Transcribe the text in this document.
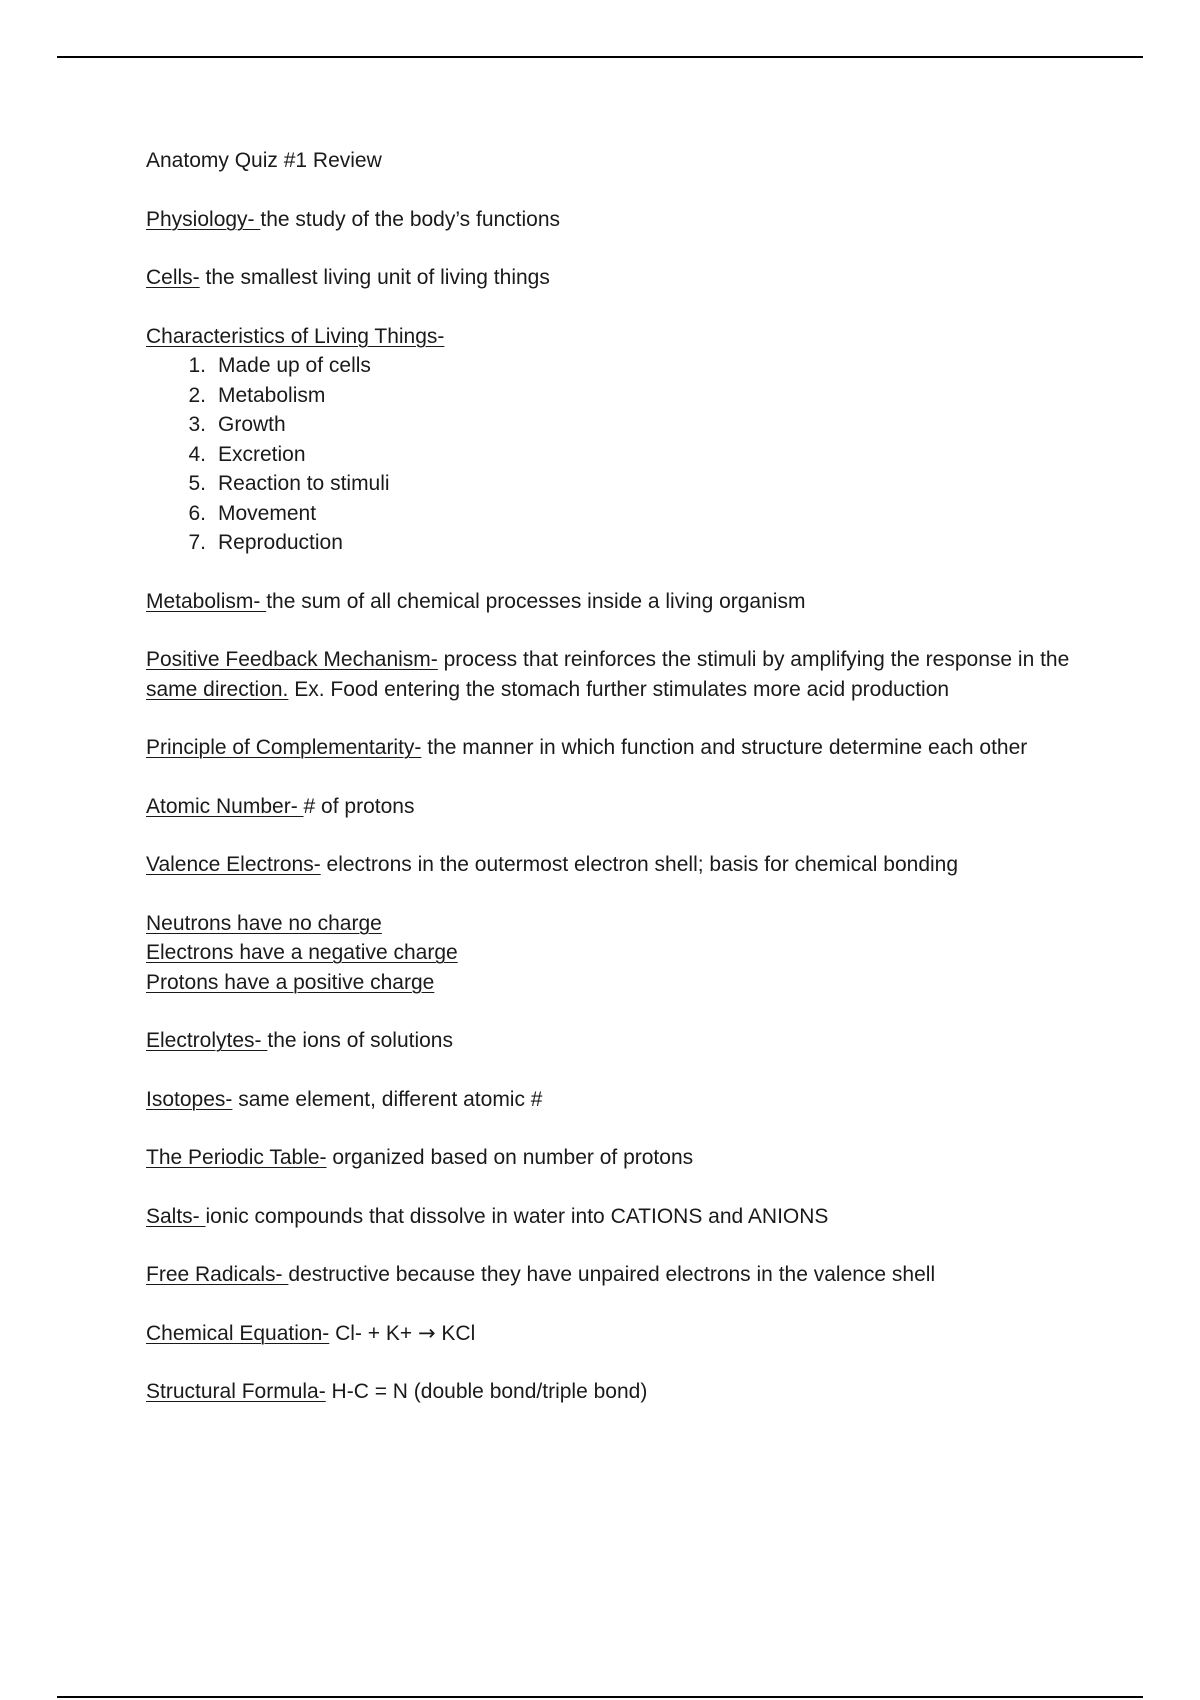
Anatomy Quiz #1 Review

Physiology- the study of the body’s functions

Cells- the smallest living unit of living things

Characteristics of Living Things-

1. Made up of cells
2. Metabolism
3. Growth
4. Excretion
5. Reaction to stimuli
6. Movement
7. Reproduction

Metabolism- the sum of all chemical processes inside a living organism

Positive Feedback Mechanism- process that reinforces the stimuli by amplifying the response in the same direction. Ex. Food entering the stomach further stimulates more acid production

Principle of Complementarity- the manner in which function and structure determine each other

Atomic Number- # of protons

Valence Electrons- electrons in the outermost electron shell; basis for chemical bonding

Neutrons have no charge

Electrons have a negative charge

Protons have a positive charge

Electrolytes- the ions of solutions

Isotopes- same element, different atomic #

The Periodic Table- organized based on number of protons

Salts- ionic compounds that dissolve in water into CATIONS and ANIONS

Free Radicals- destructive because they have unpaired electrons in the valence shell

Chemical Equation- Cl- + K+ → KCl

Structural Formula- H-C = N (double bond/triple bond)
